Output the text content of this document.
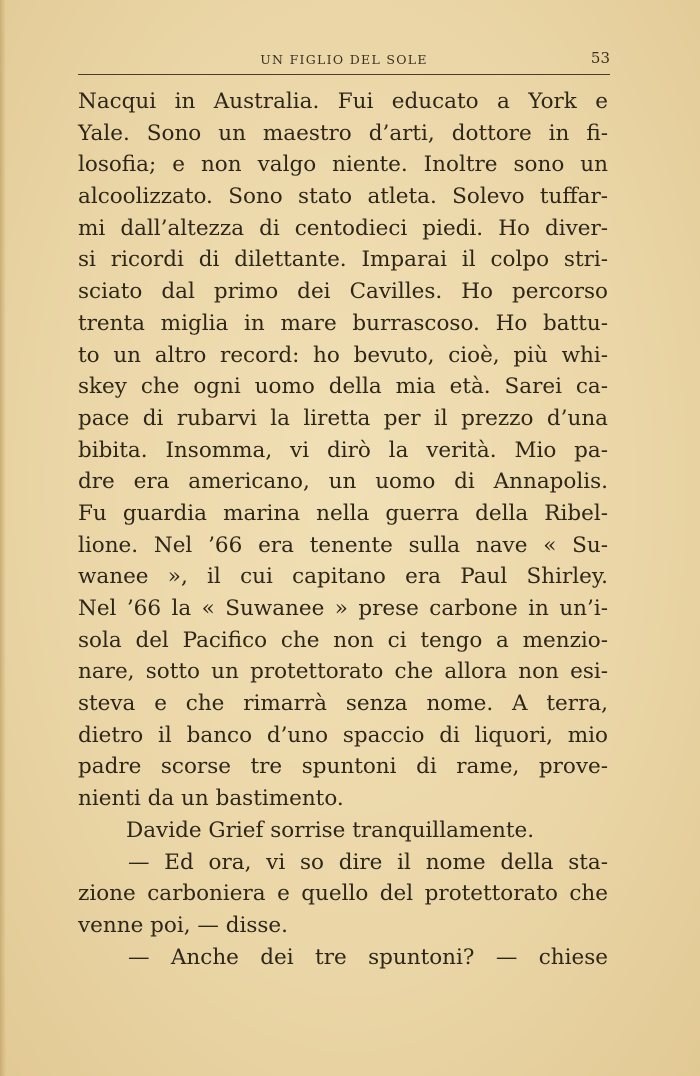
UN FIGLIO DEL SOLE	53
Nacqui in Australia. Fui educato a York e
Yale. Sono un maestro d’arti, dottore in fi-
losofia; e non valgo niente. Inoltre sono un
alcoolizzato. Sono stato atleta. Solevo tuffar-
mi dall’altezza di centodieci piedi. Ho diver-
si ricordi di dilettante. Imparai il colpo stri-
sciato dal primo dei Cavilles. Ho percorso
trenta miglia in mare burrascoso. Ho battu-
to un altro record: ho bevuto, cioè, più whi-
skey che ogni uomo della mia età. Sarei ca-
pace di rubarvi la liretta per il prezzo d’una
bibita. Insomma, vi dirò la verità. Mio pa-
dre era americano, un uomo di Annapolis.
Fu guardia marina nella guerra della Ribel-
lione. Nel ’66 era tenente sulla nave « Su-
wanee », il cui capitano era Paul Shirley.
Nel ’66 la « Suwanee » prese carbone in un’i-
sola del Pacifico che non ci tengo a menzio-
nare, sotto un protettorato che allora non esi-
steva e che rimarrà senza nome. A terra,
dietro il banco d’uno spaccio di liquori, mio
padre scorse tre spuntoni di rame, prove-
nienti da un bastimento.
Davide Grief sorrise tranquillamente.
— Ed ora, vi so dire il nome della sta-
zione carboniera e quello del protettorato che
venne poi, — disse.
— Anche dei tre spuntoni? — chiese
